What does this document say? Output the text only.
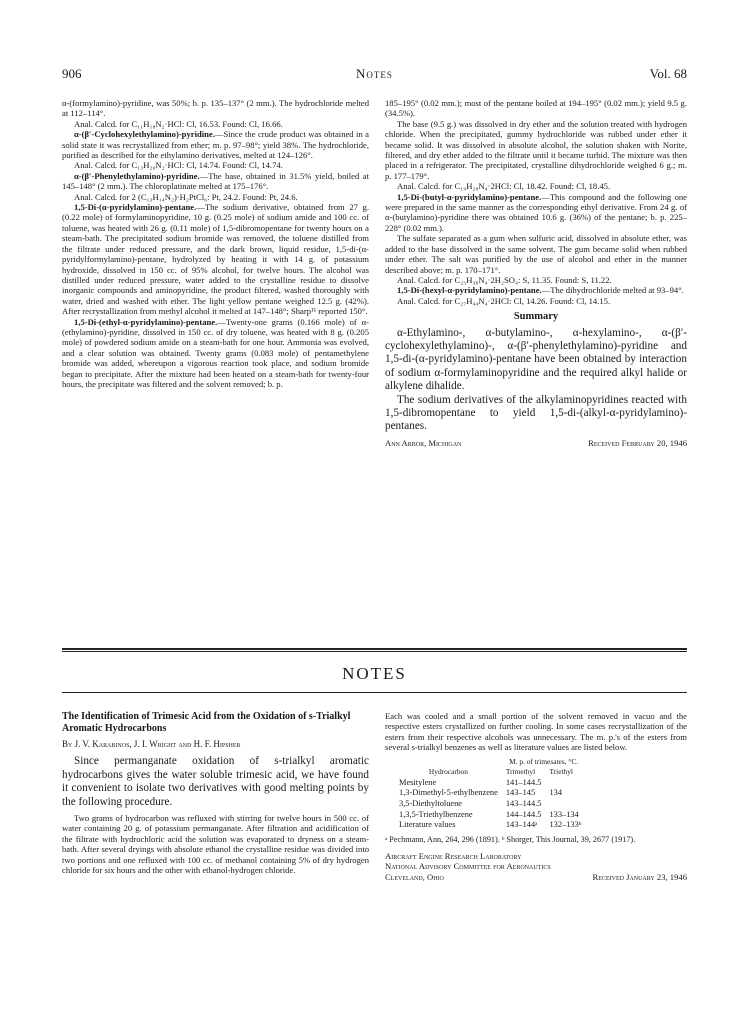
906	Notes	Vol. 68

α-(formylamino)-pyridine, was 50%; b. p. 135–137° (2 mm.). The hydrochloride melted at 112–114°.

Anal. Calcd. for C₁₁H₁₈N₂·HCl: Cl, 16.53. Found: Cl, 16.66.

α-(β′-Cyclohexylethylamino)-pyridine.—Since the crude product was obtained in a solid state it was recrystallized from ether; m. p. 97–98°; yield 38%. The hydrochloride, purified as described for the ethylamino derivatives, melted at 124–126°.

Anal. Calcd. for C₁₃H₂₀N₂·HCl: Cl, 14.74. Found: Cl, 14.74.

α-(β′-Phenylethylamino)-pyridine.—The base, obtained in 31.5% yield, boiled at 145–148° (2 mm.). The chloroplatinate melted at 175–176°.

Anal. Calcd. for 2 (C₁₃H₁₄N₂)·H₂PtCl₆: Pt, 24.2. Found: Pt, 24.6.

1,5-Di-(α-pyridylamino)-pentane.—The sodium derivative, obtained from 27 g. (0.22 mole) of formylaminopyridine, 10 g. (0.25 mole) of sodium amide and 100 cc. of toluene, was heated with 26 g. (0.11 mole) of 1,5-dibromopentane for twenty hours on a steam-bath. The precipitated sodium bromide was removed, the toluene distilled from the filtrate under reduced pressure, and the dark brown, liquid residue, 1,5-di-(α-pyridylformylamino)-pentane, hydrolyzed by heating it with 14 g. of potassium hydroxide, dissolved in 150 cc. of 95% alcohol, for twelve hours. The alcohol was distilled under reduced pressure, water added to the crystalline residue to dissolve inorganic compounds and aminopyridine, the product filtered, washed thoroughly with water, dried and washed with ether. The light yellow pentane weighed 12.5 g. (42%). After recrystallization from methyl alcohol it melted at 147–148°; Sharp¹¹ reported 150°.

1,5-Di-(ethyl-α-pyridylamino)-pentane.—Twenty-one grams (0.166 mole) of α-(ethylamino)-pyridine, dissolved in 150 cc. of dry toluene, was heated with 8 g. (0.205 mole) of powdered sodium amide on a steam-bath for one hour. Ammonia was evolved, and a clear solution was obtained. Twenty grams (0.083 mole) of pentamethylene bromide was added, whereupon a vigorous reaction took place, and sodium bromide began to precipitate. After the mixture had been heated on a steam-bath for twenty-four hours, the precipitate was filtered and the solvent removed; b. p.

185–195° (0.02 mm.); most of the pentane boiled at 194–195° (0.02 mm.); yield 9.5 g. (34.5%).

The base (9.5 g.) was dissolved in dry ether and the solution treated with hydrogen chloride. When the precipitated, gummy hydrochloride was rubbed under ether it became solid. It was dissolved in absolute alcohol, the solution shaken with Norite, filtered, and dry ether added to the filtrate until it became turbid. The mixture was then placed in a refrigerator. The precipitated, crystalline dihydrochloride weighed 6 g.; m. p. 177–179°.

Anal. Calcd. for C₁₉H₂₈N₄·2HCl: Cl, 18.42. Found: Cl, 18.45.

1,5-Di-(butyl-α-pyridylamino)-pentane.—This compound and the following one were prepared in the same manner as the corresponding ethyl derivative. From 24 g. of α-(butylamino)-pyridine there was obtained 10.6 g. (36%) of the pentane; b. p. 225–228° (0.02 mm.).

The sulfate separated as a gum when sulfuric acid, dissolved in absolute ether, was added to the base dissolved in the same solvent. The gum became solid when rubbed under ether. The salt was purified by the use of alcohol and ether in the manner described above; m. p. 170–171°.

Anal. Calcd. for C₂₃H₃₆N₄·2H₂SO₄: S, 11.35. Found: S, 11.22.

1,5-Di-(hexyl-α-pyridylamino)-pentane.—The dihydrochloride melted at 93–94°.

Anal. Calcd. for C₂₇H₄₄N₄·2HCl: Cl, 14.26. Found: Cl, 14.15.

Summary

α-Ethylamino-, α-butylamino-, α-hexylamino-, α-(β′-cyclohexylethylamino)-, α-(β′-phenylethylamino)-pyridine and 1,5-di-(α-pyridylamino)-pentane have been obtained by interaction of sodium α-formylaminopyridine and the required alkyl halide or alkylene dihalide.

The sodium derivatives of the alkylaminopyridines reacted with 1,5-dibromopentane to yield 1,5-di-(alkyl-α-pyridylamino)-pentanes.

Ann Arbor, Michigan	Received February 20, 1946
NOTES
The Identification of Trimesic Acid from the Oxidation of s-Trialkyl Aromatic Hydrocarbons
By J. V. Karabinos, J. I. Wright and H. F. Hipsher

Since permanganate oxidation of s-trialkyl aromatic hydrocarbons gives the water soluble trimesic acid, we have found it convenient to isolate two derivatives with good melting points by the following procedure.

Two grams of hydrocarbon was refluxed with stirring for twelve hours in 500 cc. of water containing 20 g. of potassium permanganate. After filtration and acidification of the filtrate with hydrochloric acid the solution was evaporated to dryness on a steam-bath. After several dryings with absolute ethanol the crystalline residue was divided into two portions and one refluxed with 100 cc. of methanol containing 5% of dry hydrogen chloride for six hours and the other with ethanol-hydrogen chloride.

Each was cooled and a small portion of the solvent removed in vacuo and the respective esters crystallized on further cooling. In some cases recrystallization of the esters from their respective alcohols was unnecessary. The m. p.'s of the esters from several s-trialkyl benzenes as well as literature values are listed below.

	M. p. of trimesates, °C.	
Hydrocarbon	Trimethyl	Triethyl
Mesitylene	141–144.5	
1,3-Dimethyl-5-ethylbenzene	143–145	134
3,5-Diethyltoluene	143–144.5	
1,3,5-Triethylbenzene	144–144.5	133–134
Literature values	143–144ᵃ	132–133ᵇ

ᵃ Pechmann, Ann, 264, 296 (1891). ᵇ Shorger, This Journal, 39, 2677 (1917).

Aircraft Engine Research Laboratory
National Advisory Committee for Aeronautics
Cleveland, Ohio	Received January 23, 1946
